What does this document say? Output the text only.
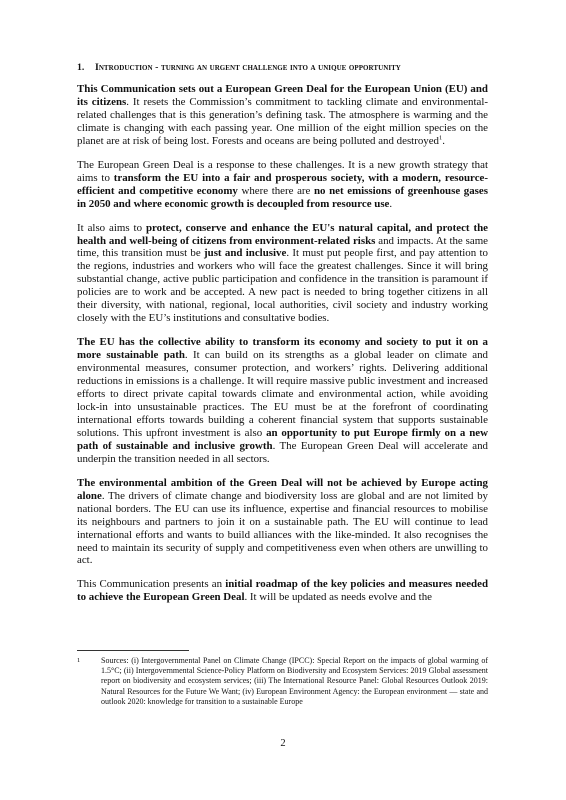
1. Introduction - turning an urgent challenge into a unique opportunity

This Communication sets out a European Green Deal for the European Union (EU) and its citizens. It resets the Commission’s commitment to tackling climate and environmental-related challenges that is this generation’s defining task. The atmosphere is warming and the climate is changing with each passing year. One million of the eight million species on the planet are at risk of being lost. Forests and oceans are being polluted and destroyed$^1$.

The European Green Deal is a response to these challenges. It is a new growth strategy that aims to transform the EU into a fair and prosperous society, with a modern, resource-efficient and competitive economy where there are no net emissions of greenhouse gases in 2050 and where economic growth is decoupled from resource use.

It also aims to protect, conserve and enhance the EU's natural capital, and protect the health and well-being of citizens from environment-related risks and impacts. At the same time, this transition must be just and inclusive. It must put people first, and pay attention to the regions, industries and workers who will face the greatest challenges. Since it will bring substantial change, active public participation and confidence in the transition is paramount if policies are to work and be accepted. A new pact is needed to bring together citizens in all their diversity, with national, regional, local authorities, civil society and industry working closely with the EU’s institutions and consultative bodies.

The EU has the collective ability to transform its economy and society to put it on a more sustainable path. It can build on its strengths as a global leader on climate and environmental measures, consumer protection, and workers’ rights. Delivering additional reductions in emissions is a challenge. It will require massive public investment and increased efforts to direct private capital towards climate and environmental action, while avoiding lock-in into unsustainable practices. The EU must be at the forefront of coordinating international efforts towards building a coherent financial system that supports sustainable solutions. This upfront investment is also an opportunity to put Europe firmly on a new path of sustainable and inclusive growth. The European Green Deal will accelerate and underpin the transition needed in all sectors.

The environmental ambition of the Green Deal will not be achieved by Europe acting alone. The drivers of climate change and biodiversity loss are global and are not limited by national borders. The EU can use its influence, expertise and financial resources to mobilise its neighbours and partners to join it on a sustainable path. The EU will continue to lead international efforts and wants to build alliances with the like-minded. It also recognises the need to maintain its security of supply and competitiveness even when others are unwilling to act.

This Communication presents an initial roadmap of the key policies and measures needed to achieve the European Green Deal. It will be updated as needs evolve and the

1	Sources: (i) Intergovernmental Panel on Climate Change (IPCC): Special Report on the impacts of global warming of 1.5°C; (ii) Intergovernmental Science-Policy Platform on Biodiversity and Ecosystem Services: 2019 Global assessment report on biodiversity and ecosystem services; (iii) The International Resource Panel: Global Resources Outlook 2019: Natural Resources for the Future We Want; (iv) European Environment Agency: the European environment — state and outlook 2020: knowledge for transition to a sustainable Europe
2
